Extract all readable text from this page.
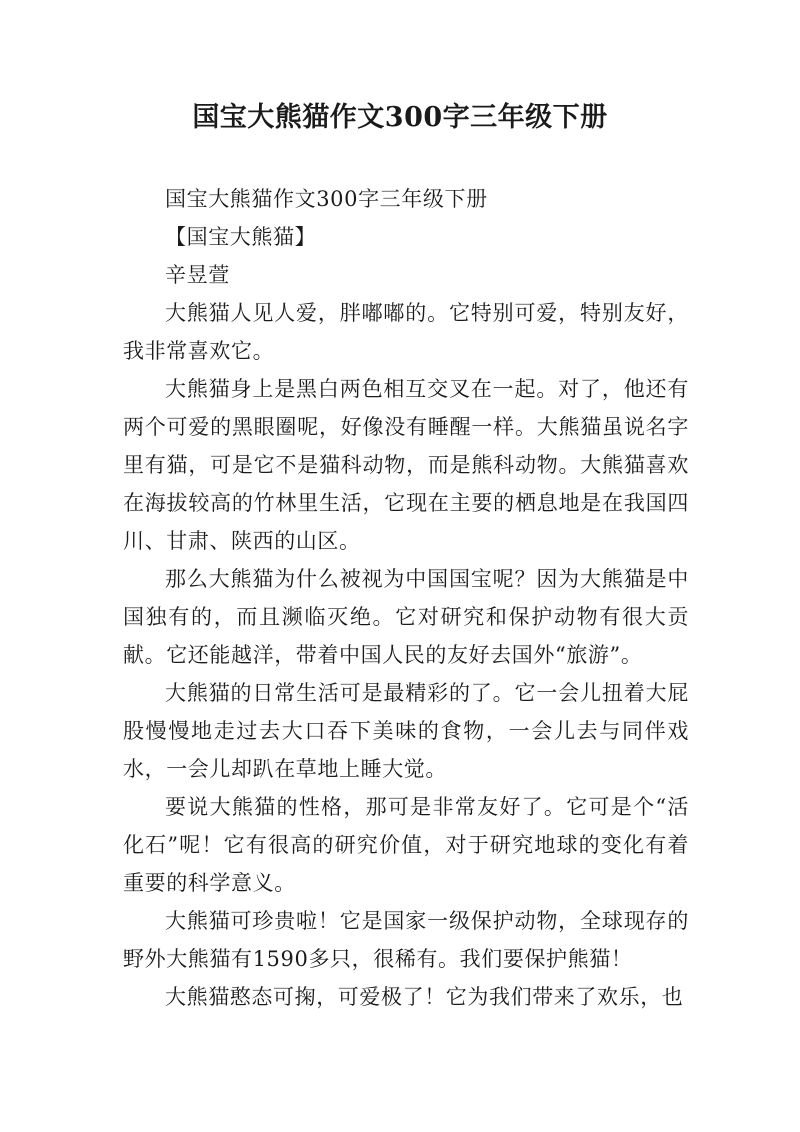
国宝大熊猫作文300字三年级下册

国宝大熊猫作文300字三年级下册

【国宝大熊猫】

辛昱萱

大熊猫人见人爱，胖嘟嘟的。它特别可爱，特别友好，我非常喜欢它。

大熊猫身上是黑白两色相互交叉在一起。对了，他还有两个可爱的黑眼圈呢，好像没有睡醒一样。大熊猫虽说名字里有猫，可是它不是猫科动物，而是熊科动物。大熊猫喜欢在海拔较高的竹林里生活，它现在主要的栖息地是在我国四川、甘肃、陕西的山区。

那么大熊猫为什么被视为中国国宝呢？因为大熊猫是中国独有的，而且濒临灭绝。它对研究和保护动物有很大贡献。它还能越洋，带着中国人民的友好去国外“旅游”。

大熊猫的日常生活可是最精彩的了。它一会儿扭着大屁股慢慢地走过去大口吞下美味的食物，一会儿去与同伴戏水，一会儿却趴在草地上睡大觉。

要说大熊猫的性格，那可是非常友好了。它可是个“活化石”呢！它有很高的研究价值，对于研究地球的变化有着重要的科学意义。

大熊猫可珍贵啦！它是国家一级保护动物，全球现存的野外大熊猫有1590多只，很稀有。我们要保护熊猫！

大熊猫憨态可掬，可爱极了！它为我们带来了欢乐，也
